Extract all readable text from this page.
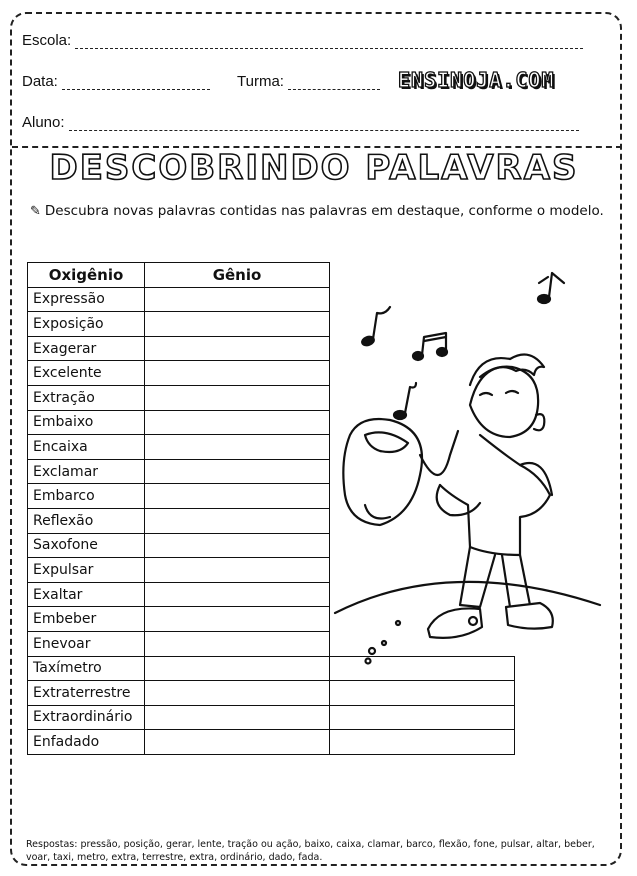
Escola:
Data:	Turma:	ENSINOJA.COM
Aluno:
DESCOBRINDO PALAVRAS
✎ Descubra novas palavras contidas nas palavras em destaque, conforme o modelo.
Oxigênio	Gênio	
Expressão		
Exposição		
Exagerar		
Excelente		
Extração		
Embaixo		
Encaixa		
Exclamar		
Embarco		
Reflexão		
Saxofone		
Expulsar		
Exaltar		
Embeber		
Enevoar		
Taxímetro		
Extraterrestre		
Extraordinário		
Enfadado		
Respostas: pressão, posição, gerar, lente, tração ou ação, baixo, caixa, clamar, barco, flexão, fone, pulsar, altar, beber, voar, taxi, metro, extra, terrestre, extra, ordinário, dado, fada.
